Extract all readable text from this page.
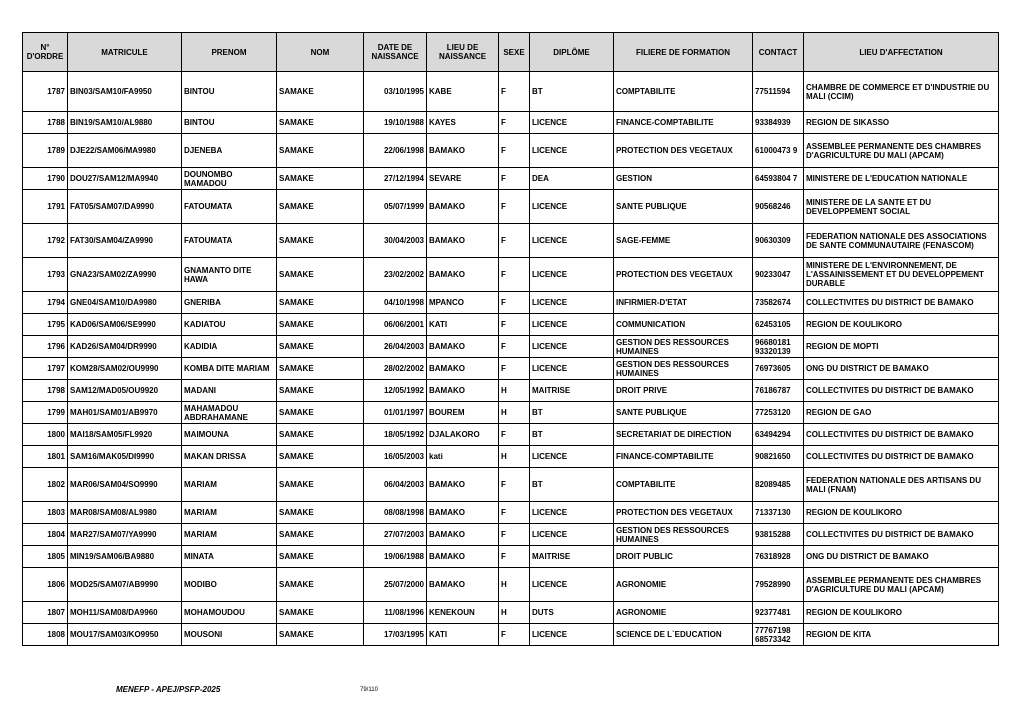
N° D'ORDRE	MATRICULE	PRENOM	NOM	DATE DE NAISSANCE	LIEU DE NAISSANCE	SEXE	DIPLÔME	FILIERE DE FORMATION	CONTACT	LIEU D'AFFECTATION
1787	BIN03/SAM10/FA9950	BINTOU	SAMAKE	03/10/1995	KABE	F	BT	COMPTABILITE	77511594	CHAMBRE DE COMMERCE ET D'INDUSTRIE DU MALI (CCIM)
1788	BIN19/SAM10/AL9880	BINTOU	SAMAKE	19/10/1988	KAYES	F	LICENCE	FINANCE-COMPTABILITE	93384939	REGION DE SIKASSO
1789	DJE22/SAM06/MA9980	DJENEBA	SAMAKE	22/06/1998	BAMAKO	F	LICENCE	PROTECTION DES VEGETAUX	61000473 9	ASSEMBLEE PERMANENTE DES CHAMBRES D'AGRICULTURE DU MALI (APCAM)
1790	DOU27/SAM12/MA9940	DOUNOMBO MAMADOU	SAMAKE	27/12/1994	SEVARE	F	DEA	GESTION	64593804 7	MINISTERE DE L'EDUCATION NATIONALE
1791	FAT05/SAM07/DA9990	FATOUMATA	SAMAKE	05/07/1999	BAMAKO	F	LICENCE	SANTE PUBLIQUE	90568246	MINISTERE DE LA SANTE ET DU DEVELOPPEMENT SOCIAL
1792	FAT30/SAM04/ZA9990	FATOUMATA	SAMAKE	30/04/2003	BAMAKO	F	LICENCE	SAGE-FEMME	90630309	FEDERATION NATIONALE DES ASSOCIATIONS DE SANTE COMMUNAUTAIRE (FENASCOM)
1793	GNA23/SAM02/ZA9990	GNAMANTO DITE HAWA	SAMAKE	23/02/2002	BAMAKO	F	LICENCE	PROTECTION DES VEGETAUX	90233047	MINISTERE DE L'ENVIRONNEMENT, DE L'ASSAINISSEMENT ET DU DEVELOPPEMENT DURABLE
1794	GNE04/SAM10/DA9980	GNERIBA	SAMAKE	04/10/1998	MPANCO	F	LICENCE	INFIRMIER-D'ETAT	73582674	COLLECTIVITES DU DISTRICT DE BAMAKO
1795	KAD06/SAM06/SE9990	KADIATOU	SAMAKE	06/06/2001	KATI	F	LICENCE	COMMUNICATION	62453105	REGION DE KOULIKORO
1796	KAD26/SAM04/DR9990	KADIDIA	SAMAKE	26/04/2003	BAMAKO	F	LICENCE	GESTION DES RESSOURCES HUMAINES	96680181 93320139	REGION DE MOPTI
1797	KOM28/SAM02/OU9990	KOMBA DITE MARIAM	SAMAKE	28/02/2002	BAMAKO	F	LICENCE	GESTION DES RESSOURCES HUMAINES	76973605	ONG DU DISTRICT DE BAMAKO
1798	SAM12/MAD05/OU9920	MADANI	SAMAKE	12/05/1992	BAMAKO	H	MAITRISE	DROIT PRIVE	76186787	COLLECTIVITES DU DISTRICT DE BAMAKO
1799	MAH01/SAM01/AB9970	MAHAMADOU ABDRAHAMANE	SAMAKE	01/01/1997	BOUREM	H	BT	SANTE PUBLIQUE	77253120	REGION DE GAO
1800	MAI18/SAM05/FL9920	MAIMOUNA	SAMAKE	18/05/1992	DJALAKORO	F	BT	SECRETARIAT DE DIRECTION	63494294	COLLECTIVITES DU DISTRICT DE BAMAKO
1801	SAM16/MAK05/DI9990	MAKAN DRISSA	SAMAKE	16/05/2003	kati	H	LICENCE	FINANCE-COMPTABILITE	90821650	COLLECTIVITES DU DISTRICT DE BAMAKO
1802	MAR06/SAM04/SO9990	MARIAM	SAMAKE	06/04/2003	BAMAKO	F	BT	COMPTABILITE	82089485	FEDERATION NATIONALE DES ARTISANS DU MALI (FNAM)
1803	MAR08/SAM08/AL9980	MARIAM	SAMAKE	08/08/1998	BAMAKO	F	LICENCE	PROTECTION DES VEGETAUX	71337130	REGION DE KOULIKORO
1804	MAR27/SAM07/YA9990	MARIAM	SAMAKE	27/07/2003	BAMAKO	F	LICENCE	GESTION DES RESSOURCES HUMAINES	93815288	COLLECTIVITES DU DISTRICT DE BAMAKO
1805	MIN19/SAM06/BA9880	MINATA	SAMAKE	19/06/1988	BAMAKO	F	MAITRISE	DROIT PUBLIC	76318928	ONG DU DISTRICT DE BAMAKO
1806	MOD25/SAM07/AB9990	MODIBO	SAMAKE	25/07/2000	BAMAKO	H	LICENCE	AGRONOMIE	79528990	ASSEMBLEE PERMANENTE DES CHAMBRES D'AGRICULTURE DU MALI (APCAM)
1807	MOH11/SAM08/DA9960	MOHAMOUDOU	SAMAKE	11/08/1996	KENEKOUN	H	DUTS	AGRONOMIE	92377481	REGION DE KOULIKORO
1808	MOU17/SAM03/KO9950	MOUSONI	SAMAKE	17/03/1995	KATI	F	LICENCE	SCIENCE DE L`EDUCATION	77767198 68573342	REGION DE KITA
MENEFP - APEJ/PSFP-2025	79/110
